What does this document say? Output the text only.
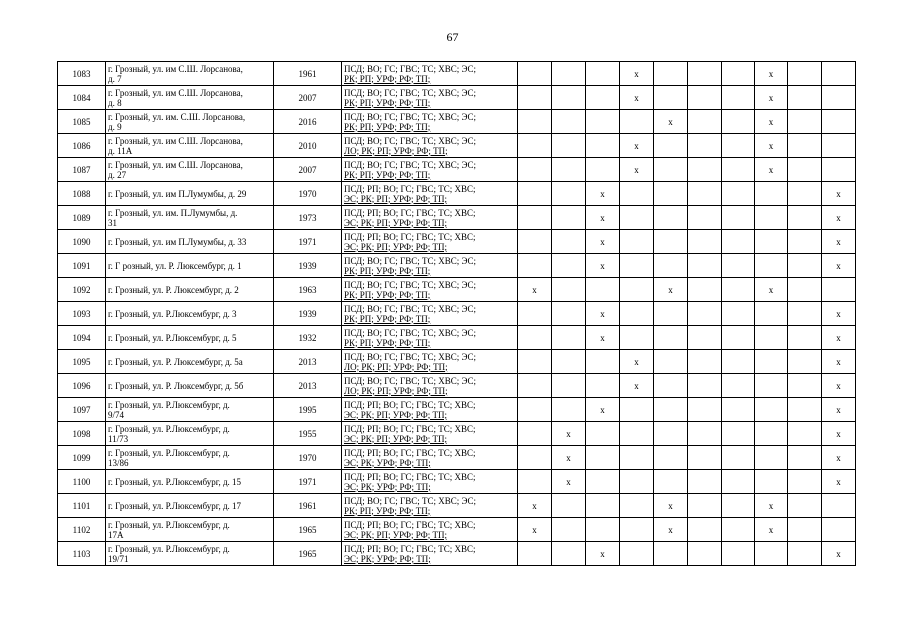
67
1083	г. Грозный, ул. им С.Ш. Лорсанова,
д. 7	1961	ПСД; ВО; ГС; ГВС; ТС; ХВС; ЭС;
РК; РП; УРФ; РФ; ТП;				x				x		
1084	г. Грозный, ул. им С.Ш. Лорсанова,
д. 8	2007	ПСД; ВО; ГС; ГВС; ТС; ХВС; ЭС;
РК; РП; УРФ; РФ; ТП;				x				x		
1085	г. Грозный, ул. им. С.Ш. Лорсанова,
д. 9	2016	ПСД; ВО; ГС; ГВС; ТС; ХВС; ЭС;
РК; РП; УРФ; РФ; ТП;					x			x		
1086	г. Грозный, ул. им С.Ш. Лорсанова,
д. 11А	2010	ПСД; ВО; ГС; ГВС; ТС; ХВС; ЭС;
ЛО; РК; РП; УРФ; РФ; ТП;				x				x		
1087	г. Грозный, ул. им С.Ш. Лорсанова,
д. 27	2007	ПСД; ВО; ГС; ГВС; ТС; ХВС; ЭС;
РК; РП; УРФ; РФ; ТП;				x				x		
1088	г. Грозный, ул. им П.Лумумбы, д. 29	1970	ПСД; РП; ВО; ГС; ГВС; ТС; ХВС;
ЭС; РК; РП; УРФ; РФ; ТП;			x							x
1089	г. Грозный, ул. им. П.Лумумбы, д.
31	1973	ПСД; РП; ВО; ГС; ГВС; ТС; ХВС;
ЭС; РК; РП; УРФ; РФ; ТП;			x							x
1090	г. Грозный, ул. им П.Лумумбы, д. 33	1971	ПСД; РП; ВО; ГС; ГВС; ТС; ХВС;
ЭС; РК; РП; УРФ; РФ; ТП;			x							x
1091	г. Г розный, ул. Р. Люксембург, д. 1	1939	ПСД; ВО; ГС; ГВС; ТС; ХВС; ЭС;
РК; РП; УРФ; РФ; ТП;			x							x
1092	г. Грозный, ул. Р. Люксембург, д. 2	1963	ПСД; ВО; ГС; ГВС; ТС; ХВС; ЭС;
РК; РП; УРФ; РФ; ТП;	x				x			x		
1093	г. Грозный, ул. Р.Люксембург, д. 3	1939	ПСД; ВО; ГС; ГВС; ТС; ХВС; ЭС;
РК; РП; УРФ; РФ; ТП;			x							x
1094	г. Грозный, ул. Р.Люксембург, д. 5	1932	ПСД; ВО; ГС; ГВС; ТС; ХВС; ЭС;
РК; РП; УРФ; РФ; ТП;			x							x
1095	г. Грозный, ул. Р. Люксембург, д. 5а	2013	ПСД; ВО; ГС; ГВС; ТС; ХВС; ЭС;
ЛО; РК; РП; УРФ; РФ; ТП;				x						x
1096	г. Грозный, ул. Р. Люксембург, д. 5б	2013	ПСД; ВО; ГС; ГВС; ТС; ХВС; ЭС;
ЛО; РК; РП; УРФ; РФ; ТП;				x						x
1097	г. Грозный, ул. Р.Люксембург, д.
9/74	1995	ПСД; РП; ВО; ГС; ГВС; ТС; ХВС;
ЭС; РК; РП; УРФ; РФ; ТП;			x							x
1098	г. Грозный, ул. Р.Люксембург, д.
11/73	1955	ПСД; РП; ВО; ГС; ГВС; ТС; ХВС;
ЭС; РК; РП; УРФ; РФ; ТП;		x								x
1099	г. Грозный, ул. Р.Люксембург, д.
13/86	1970	ПСД; РП; ВО; ГС; ГВС; ТС; ХВС;
ЭС; РК; УРФ; РФ; ТП;		x								x
1100	г. Грозный, ул. Р.Люксембург, д. 15	1971	ПСД; РП; ВО; ГС; ГВС; ТС; ХВС;
ЭС; РК; УРФ; РФ; ТП;		x								x
1101	г. Грозный, ул. Р.Люксембург, д. 17	1961	ПСД; ВО; ГС; ГВС; ТС; ХВС; ЭС;
РК; РП; УРФ; РФ; ТП;	x				x			x		
1102	г. Грозный, ул. Р.Люксембург, д.
17А	1965	ПСД; РП; ВО; ГС; ГВС; ТС; ХВС;
ЭС; РК; РП; УРФ; РФ; ТП;	x				x			x		
1103	г. Грозный, ул. Р.Люксембург, д.
19/71	1965	ПСД; РП; ВО; ГС; ГВС; ТС; ХВС;
ЭС; РК; УРФ; РФ; ТП;			x							x
